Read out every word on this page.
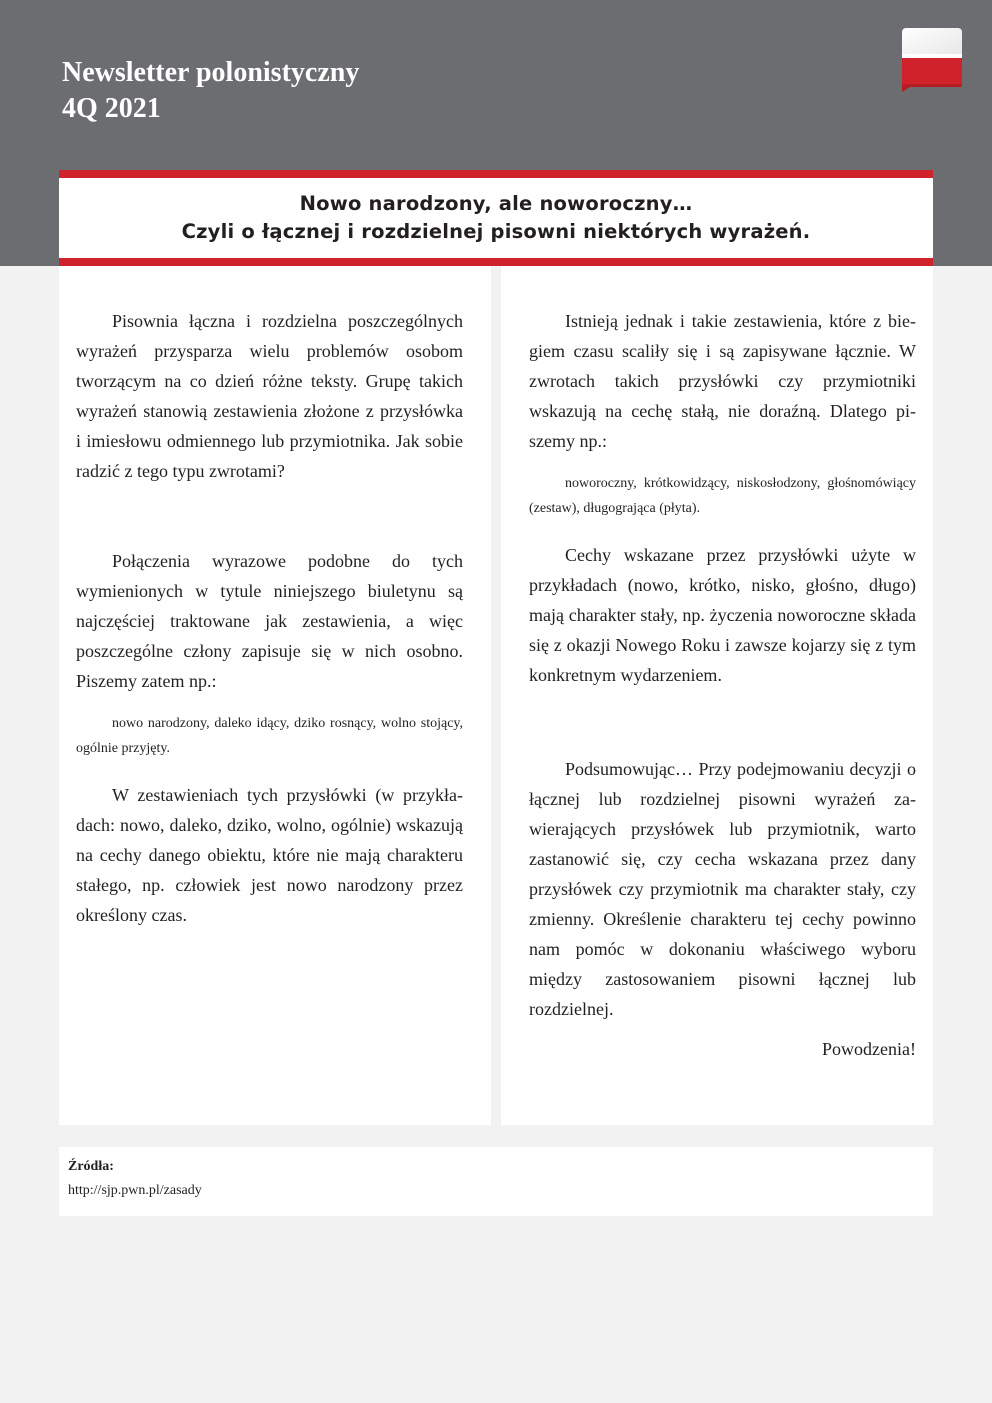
Newsletter polonistyczny
4Q 2021
Nowo narodzony, ale noworoczny…
Czyli o łącznej i rozdzielnej pisowni niektórych wyrażeń.

Pisownia łączna i rozdzielna poszczególnych wyrażeń przysparza wielu problemów osobom tworzącym na co dzień różne teksty. Grupę takich wyrażeń stanowią zestawienia złożone z przysłówka i imiesłowu odmiennego lub przymiotnika. Jak sobie radzić z tego typu zwrotami?

Połączenia wyrazowe podobne do tych wymienionych w tytule niniejszego biuletynu są najczęściej traktowane jak zestawienia, a więc poszczególne człony zapisuje się w nich osobno. Piszemy zatem np.:

nowo narodzony, daleko idący, dziko rosnący, wolno stojący, ogólnie przyjęty.

W zestawieniach tych przysłówki (w przykładach: nowo, daleko, dziko, wolno, ogólnie) wskazują na cechy danego obiektu, które nie mają charakteru stałego, np. człowiek jest nowo narodzony przez określony czas.

Istnieją jednak i takie zestawienia, które z biegiem czasu scaliły się i są zapisywane łącznie. W zwrotach takich przysłówki czy przymiotniki wskazują na cechę stałą, nie doraźną. Dlatego piszemy np.:

noworoczny, krótkowidzący, niskosłodzony, głośnomówiący (zestaw), długogrająca (płyta).

Cechy wskazane przez przysłówki użyte w przykładach (nowo, krótko, nisko, głośno, długo) mają charakter stały, np. życzenia noworoczne składa się z okazji Nowego Roku i zawsze kojarzy się z tym konkretnym wydarzeniem.

Podsumowując… Przy podejmowaniu decyzji o łącznej lub rozdzielnej pisowni wyrażeń zawierających przysłówek lub przymiotnik, warto zastanowić się, czy cecha wskazana przez dany przysłówek czy przymiotnik ma charakter stały, czy zmienny. Określenie charakteru tej cechy powinno nam pomóc w dokonaniu właściwego wyboru między zastosowaniem pisowni łącznej lub rozdzielnej.

Powodzenia!

Źródła:
http://sjp.pwn.pl/zasady
